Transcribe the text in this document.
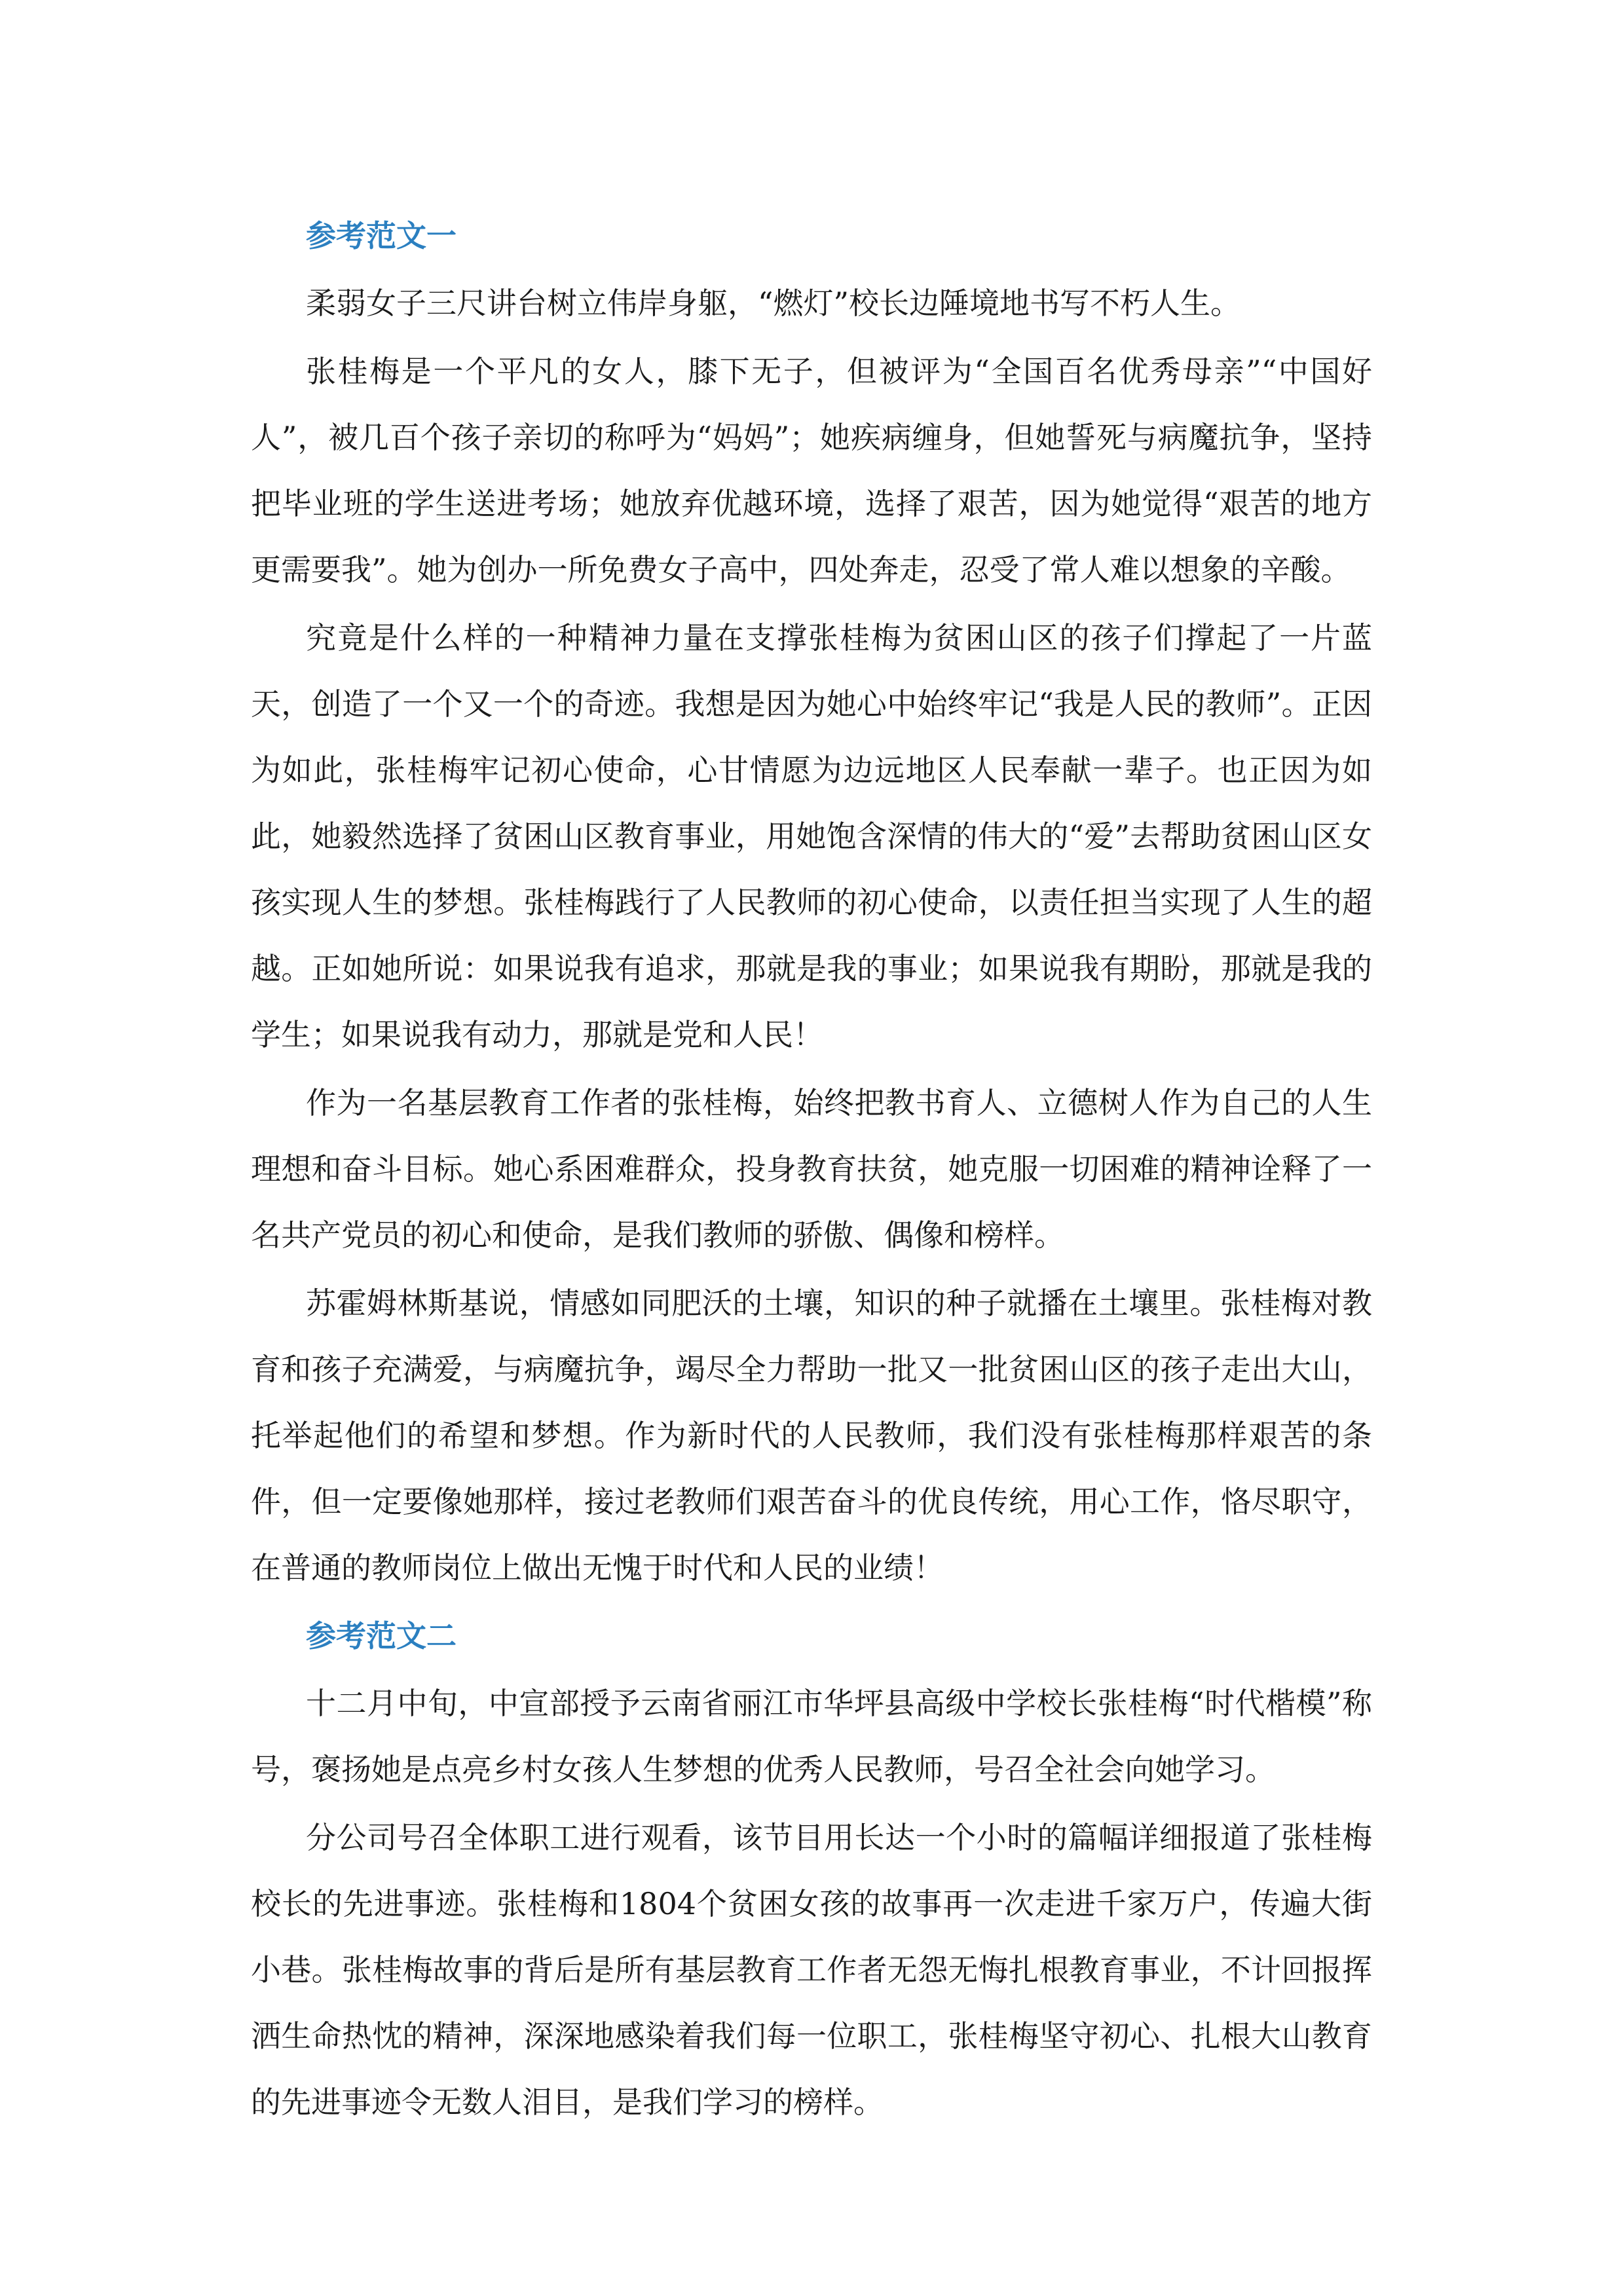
参考范文一

柔弱女子三尺讲台树立伟岸身躯，“燃灯”校长边陲境地书写不朽人生。

张桂梅是一个平凡的女人，膝下无子，但被评为“全国百名优秀母亲”“中国好人”，被几百个孩子亲切的称呼为“妈妈”；她疾病缠身，但她誓死与病魔抗争，坚持把毕业班的学生送进考场；她放弃优越环境，选择了艰苦，因为她觉得“艰苦的地方更需要我”。她为创办一所免费女子高中，四处奔走，忍受了常人难以想象的辛酸。

究竟是什么样的一种精神力量在支撑张桂梅为贫困山区的孩子们撑起了一片蓝天，创造了一个又一个的奇迹。我想是因为她心中始终牢记“我是人民的教师”。正因为如此，张桂梅牢记初心使命，心甘情愿为边远地区人民奉献一辈子。也正因为如此，她毅然选择了贫困山区教育事业，用她饱含深情的伟大的“爱”去帮助贫困山区女孩实现人生的梦想。张桂梅践行了人民教师的初心使命，以责任担当实现了人生的超越。正如她所说：如果说我有追求，那就是我的事业；如果说我有期盼，那就是我的学生；如果说我有动力，那就是党和人民！

作为一名基层教育工作者的张桂梅，始终把教书育人、立德树人作为自己的人生理想和奋斗目标。她心系困难群众，投身教育扶贫，她克服一切困难的精神诠释了一名共产党员的初心和使命，是我们教师的骄傲、偶像和榜样。

苏霍姆林斯基说，情感如同肥沃的土壤，知识的种子就播在土壤里。张桂梅对教育和孩子充满爱，与病魔抗争，竭尽全力帮助一批又一批贫困山区的孩子走出大山，托举起他们的希望和梦想。作为新时代的人民教师，我们没有张桂梅那样艰苦的条件，但一定要像她那样，接过老教师们艰苦奋斗的优良传统，用心工作，恪尽职守，在普通的教师岗位上做出无愧于时代和人民的业绩！

参考范文二

十二月中旬，中宣部授予云南省丽江市华坪县高级中学校长张桂梅“时代楷模”称号，褒扬她是点亮乡村女孩人生梦想的优秀人民教师，号召全社会向她学习。

分公司号召全体职工进行观看，该节目用长达一个小时的篇幅详细报道了张桂梅校长的先进事迹。张桂梅和1804个贫困女孩的故事再一次走进千家万户，传遍大街小巷。张桂梅故事的背后是所有基层教育工作者无怨无悔扎根教育事业，不计回报挥洒生命热忱的精神，深深地感染着我们每一位职工，张桂梅坚守初心、扎根大山教育的先进事迹令无数人泪目，是我们学习的榜样。
